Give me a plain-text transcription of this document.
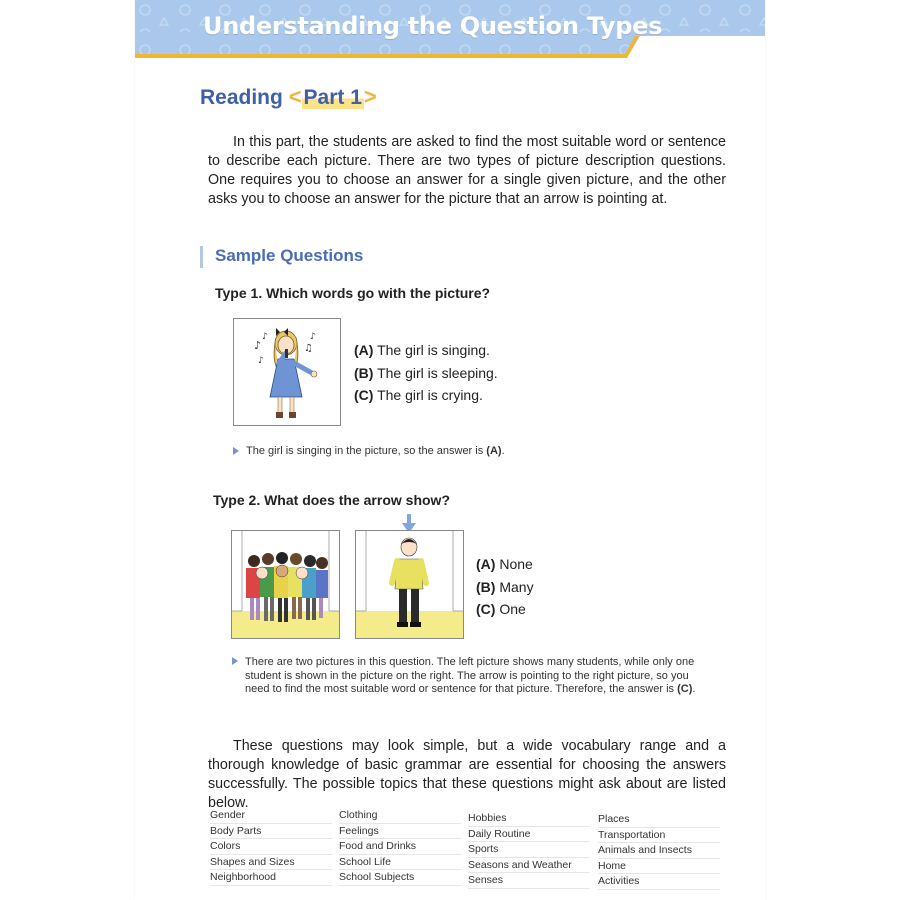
Understanding the Question Types
Reading <Part 1>
In this part, the students are asked to find the most suitable word or sentence to describe each picture. There are two types of picture description questions. One requires you to choose an answer for a single given picture, and the other asks you to choose an answer for the picture that an arrow is pointing at.
Sample Questions
Type 1. Which words go with the picture?
♪
♪
♫
♪
♪
(A) The girl is singing.
(B) The girl is sleeping.
(C) The girl is crying.
The girl is singing in the picture, so the answer is (A).
Type 2. What does the arrow show?
(A) None
(B) Many
(C) One
There are two pictures in this question. The left picture shows many students, while only one
student is shown in the picture on the right. The arrow is pointing to the right picture, so you
need to find the most suitable word or sentence for that picture. Therefore, the answer is (C).
These questions may look simple, but a wide vocabulary range and a thorough knowledge of basic grammar are essential for choosing the answers successfully. The possible topics that these questions might ask about are listed below.
Gender
Body Parts
Colors
Shapes and Sizes
Neighborhood
Clothing
Feelings
Food and Drinks
School Life
School Subjects
Hobbies
Daily Routine
Sports
Seasons and Weather
Senses
Places
Transportation
Animals and Insects
Home
Activities
